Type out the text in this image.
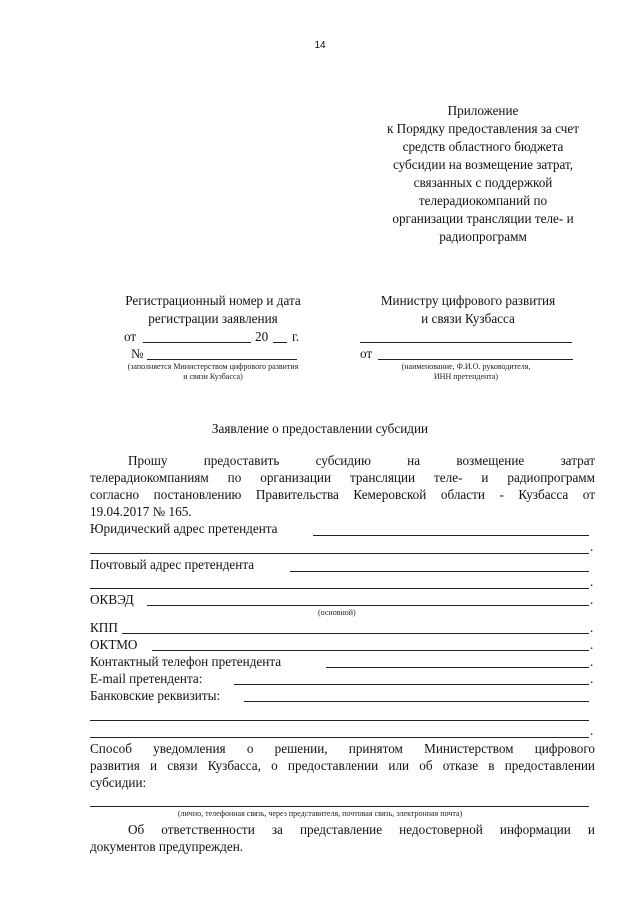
14
Приложение
к Порядку предоставления за счет
средств областного бюджета
субсидии на возмещение затрат,
связанных с поддержкой
телерадиокомпаний по
организации трансляции теле- и
радиопрограмм
Регистрационный номер и дата
регистрации заявления
от	20 г.
№
(заполняется Министерством цифрового развития
и связи Кузбасса)
Министру цифрового развития
и связи Кузбасса
от
(наименование, Ф.И.О. руководителя,
ИНН претендента)
Заявление о предоставлении субсидии
Прошу предоставить субсидию на возмещение затрат
телерадиокомпаниям по организации трансляции теле- и радиопрограмм
согласно постановлению Правительства Кемеровской области - Кузбасса от
19.04.2017 № 165.
Юридический адрес претендента
.
Почтовый адрес претендента
.
ОКВЭД	.
(основной)
КПП	.
ОКТМО	.
Контактный телефон претендента	.
E-mail претендента:	.
Банковские реквизиты:
.
Способ уведомления о решении, принятом Министерством цифрового
развития и связи Кузбасса, о предоставлении или об отказе в предоставлении
субсидии:
(лично, телефонная связь, через представителя, почтовая связь, электронная почта)
Об ответственности за представление недостоверной информации и
документов предупрежден.
